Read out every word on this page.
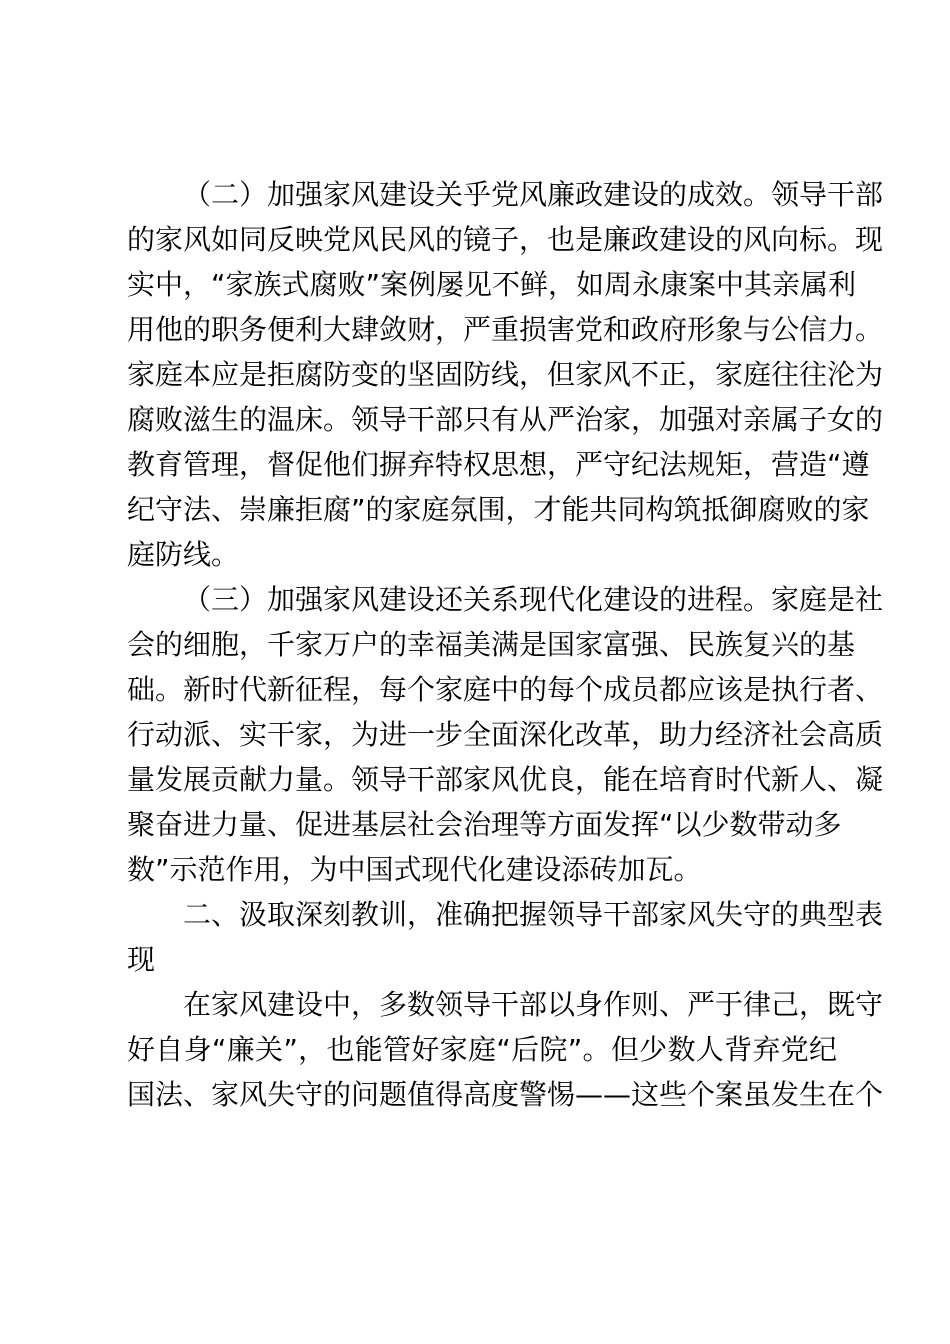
（二）加强家风建设关乎党风廉政建设的成效。领导干部
的家风如同反映党风民风的镜子，也是廉政建设的风向标。现
实中，“家族式腐败”案例屡见不鲜，如周永康案中其亲属利
用他的职务便利大肆敛财，严重损害党和政府形象与公信力。
家庭本应是拒腐防变的坚固防线，但家风不正，家庭往往沦为
腐败滋生的温床。领导干部只有从严治家，加强对亲属子女的
教育管理，督促他们摒弃特权思想，严守纪法规矩，营造“遵
纪守法、崇廉拒腐”的家庭氛围，才能共同构筑抵御腐败的家
庭防线。
（三）加强家风建设还关系现代化建设的进程。家庭是社
会的细胞，千家万户的幸福美满是国家富强、民族复兴的基
础。新时代新征程，每个家庭中的每个成员都应该是执行者、
行动派、实干家，为进一步全面深化改革，助力经济社会高质
量发展贡献力量。领导干部家风优良，能在培育时代新人、凝
聚奋进力量、促进基层社会治理等方面发挥“以少数带动多
数”示范作用，为中国式现代化建设添砖加瓦。
二、汲取深刻教训，准确把握领导干部家风失守的典型表
现
在家风建设中，多数领导干部以身作则、严于律己，既守
好自身“廉关”，也能管好家庭“后院”。但少数人背弃党纪
国法、家风失守的问题值得高度警惕——这些个案虽发生在个
